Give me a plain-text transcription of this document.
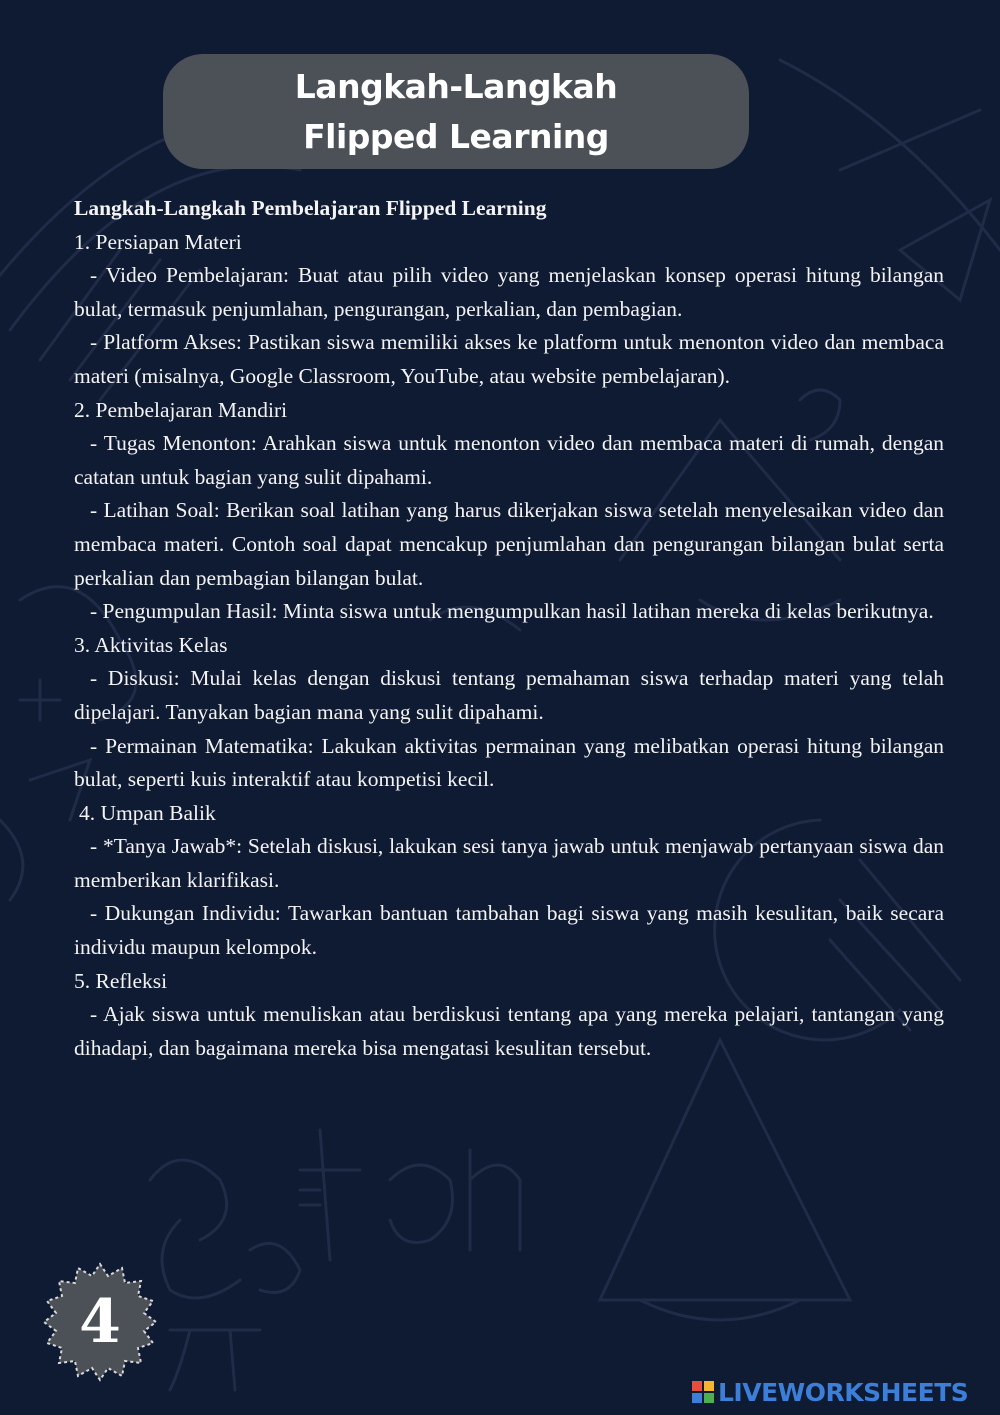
Langkah-Langkah Flipped Learning

Langkah-Langkah Pembelajaran Flipped Learning

1. Persiapan Materi

- Video Pembelajaran: Buat atau pilih video yang menjelaskan konsep operasi hitung bilangan bulat, termasuk penjumlahan, pengurangan, perkalian, dan pembagian.

- Platform Akses: Pastikan siswa memiliki akses ke platform untuk menonton video dan membaca materi (misalnya, Google Classroom, YouTube, atau website pembelajaran).

2. Pembelajaran Mandiri

- Tugas Menonton: Arahkan siswa untuk menonton video dan membaca materi di rumah, dengan catatan untuk bagian yang sulit dipahami.

- Latihan Soal: Berikan soal latihan yang harus dikerjakan siswa setelah menyelesaikan video dan membaca materi. Contoh soal dapat mencakup penjumlahan dan pengurangan bilangan bulat serta perkalian dan pembagian bilangan bulat.

- Pengumpulan Hasil: Minta siswa untuk mengumpulkan hasil latihan mereka di kelas berikutnya.

3. Aktivitas Kelas

- Diskusi: Mulai kelas dengan diskusi tentang pemahaman siswa terhadap materi yang telah dipelajari. Tanyakan bagian mana yang sulit dipahami.

- Permainan Matematika: Lakukan aktivitas permainan yang melibatkan operasi hitung bilangan bulat, seperti kuis interaktif atau kompetisi kecil.

4. Umpan Balik

- *Tanya Jawab*: Setelah diskusi, lakukan sesi tanya jawab untuk menjawab pertanyaan siswa dan memberikan klarifikasi.

- Dukungan Individu: Tawarkan bantuan tambahan bagi siswa yang masih kesulitan, baik secara individu maupun kelompok.

5. Refleksi

- Ajak siswa untuk menuliskan atau berdiskusi tentang apa yang mereka pelajari, tantangan yang dihadapi, dan bagaimana mereka bisa mengatasi kesulitan tersebut.

4
LIVEWORKSHEETS
